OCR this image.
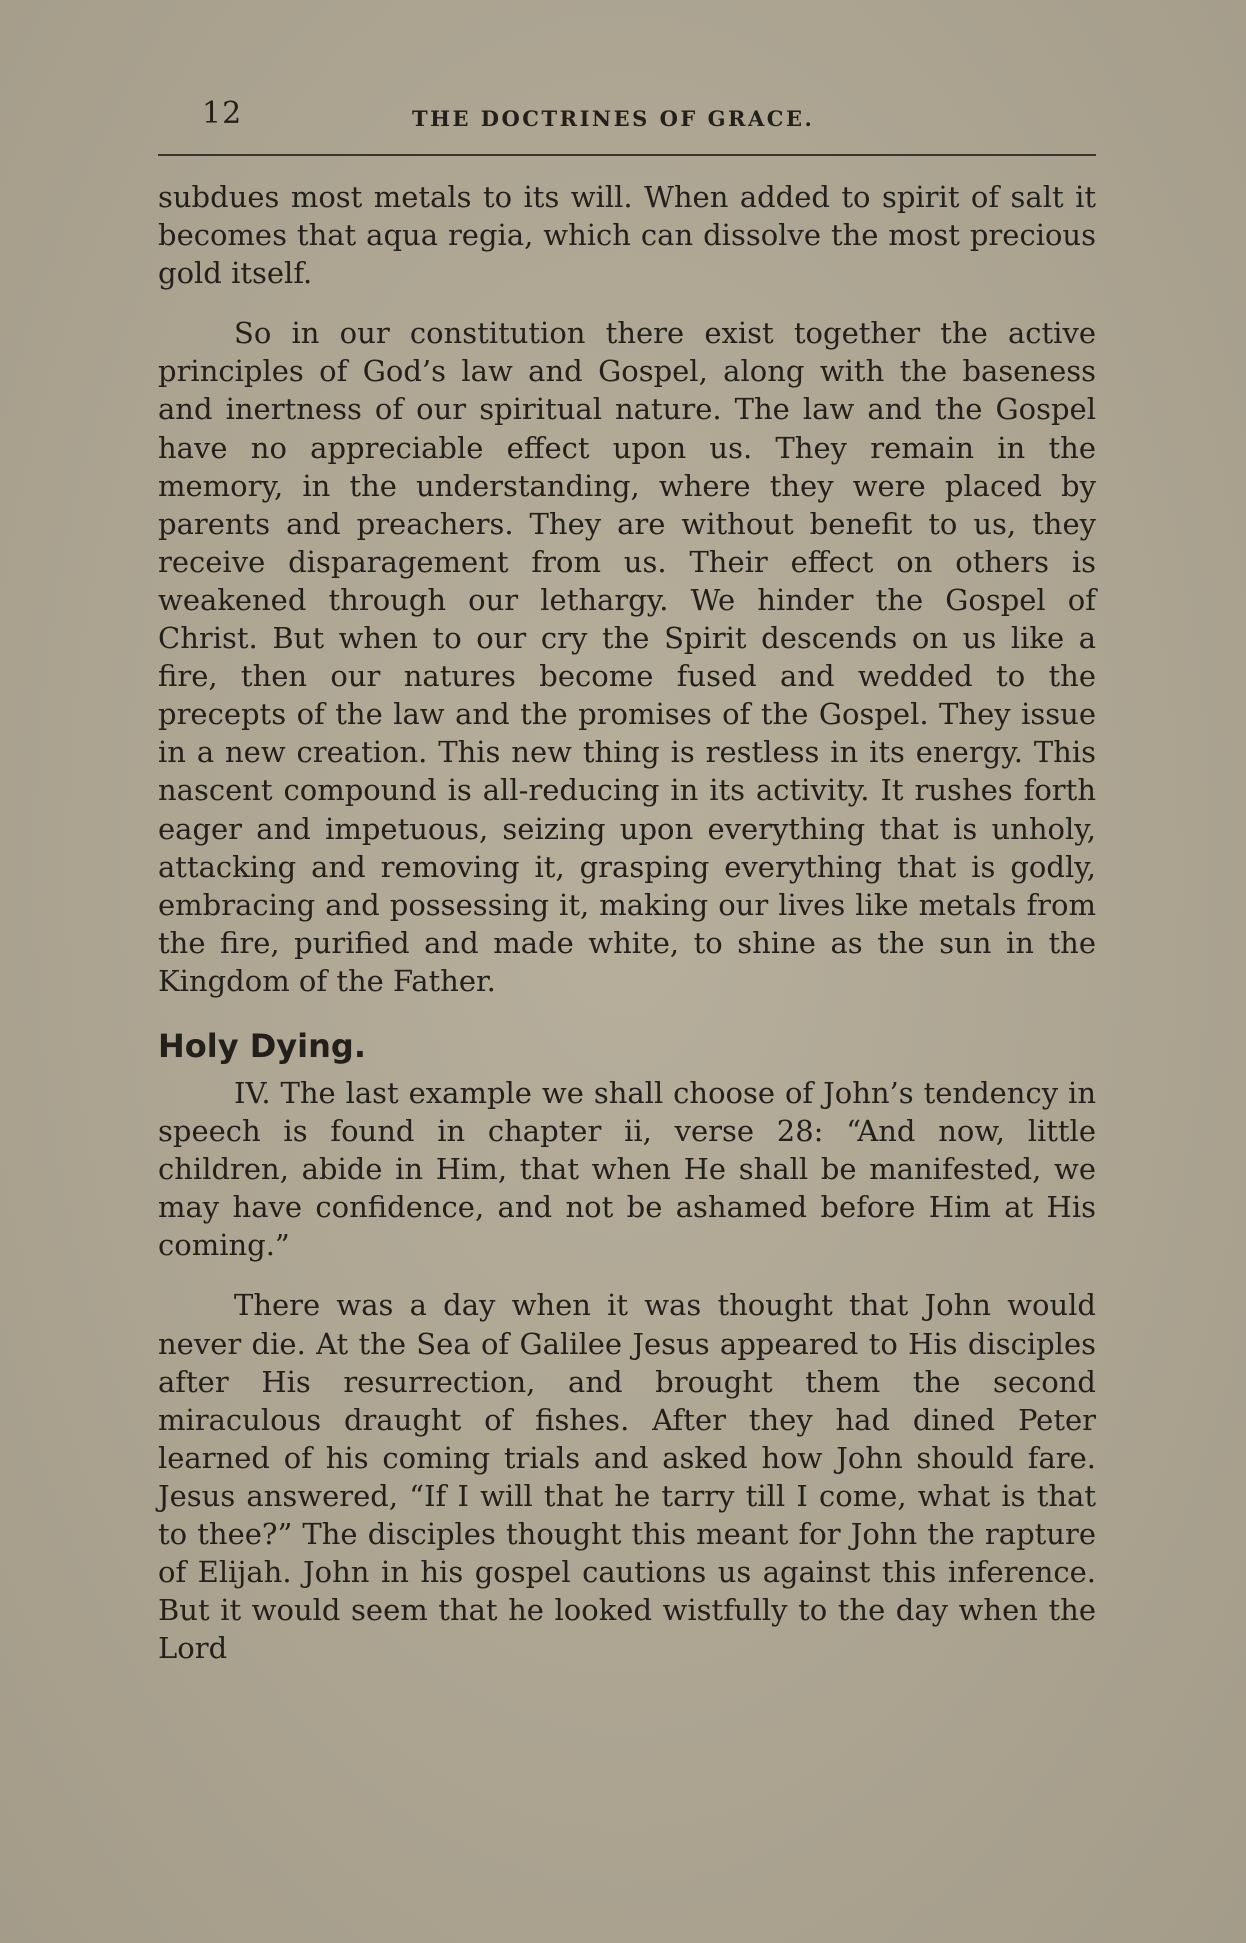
12	THE DOCTRINES OF GRACE.

subdues most metals to its will. When added to spirit of salt it becomes that aqua regia, which can dissolve the most precious gold itself.

So in our constitution there exist together the active principles of God’s law and Gospel, along with the baseness and inertness of our spiritual nature. The law and the Gospel have no appreciable effect upon us. They remain in the memory, in the understanding, where they were placed by parents and preachers. They are without benefit to us, they receive disparagement from us. Their effect on others is weakened through our lethargy. We hinder the Gospel of Christ. But when to our cry the Spirit descends on us like a fire, then our natures become fused and wedded to the precepts of the law and the promises of the Gospel. They issue in a new creation. This new thing is restless in its energy. This nascent compound is all-reducing in its activity. It rushes forth eager and impetuous, seizing upon everything that is unholy, attacking and removing it, grasping everything that is godly, embracing and possessing it, making our lives like metals from the fire, purified and made white, to shine as the sun in the Kingdom of the Father.

Holy Dying.

IV. The last example we shall choose of John’s tendency in speech is found in chapter ii, verse 28: “And now, little children, abide in Him, that when He shall be manifested, we may have confidence, and not be ashamed before Him at His coming.”

There was a day when it was thought that John would never die. At the Sea of Galilee Jesus appeared to His disciples after His resurrection, and brought them the second miraculous draught of fishes. After they had dined Peter learned of his coming trials and asked how John should fare. Jesus answered, “If I will that he tarry till I come, what is that to thee?” The disciples thought this meant for John the rapture of Elijah. John in his gospel cautions us against this inference. But it would seem that he looked wistfully to the day when the Lord
